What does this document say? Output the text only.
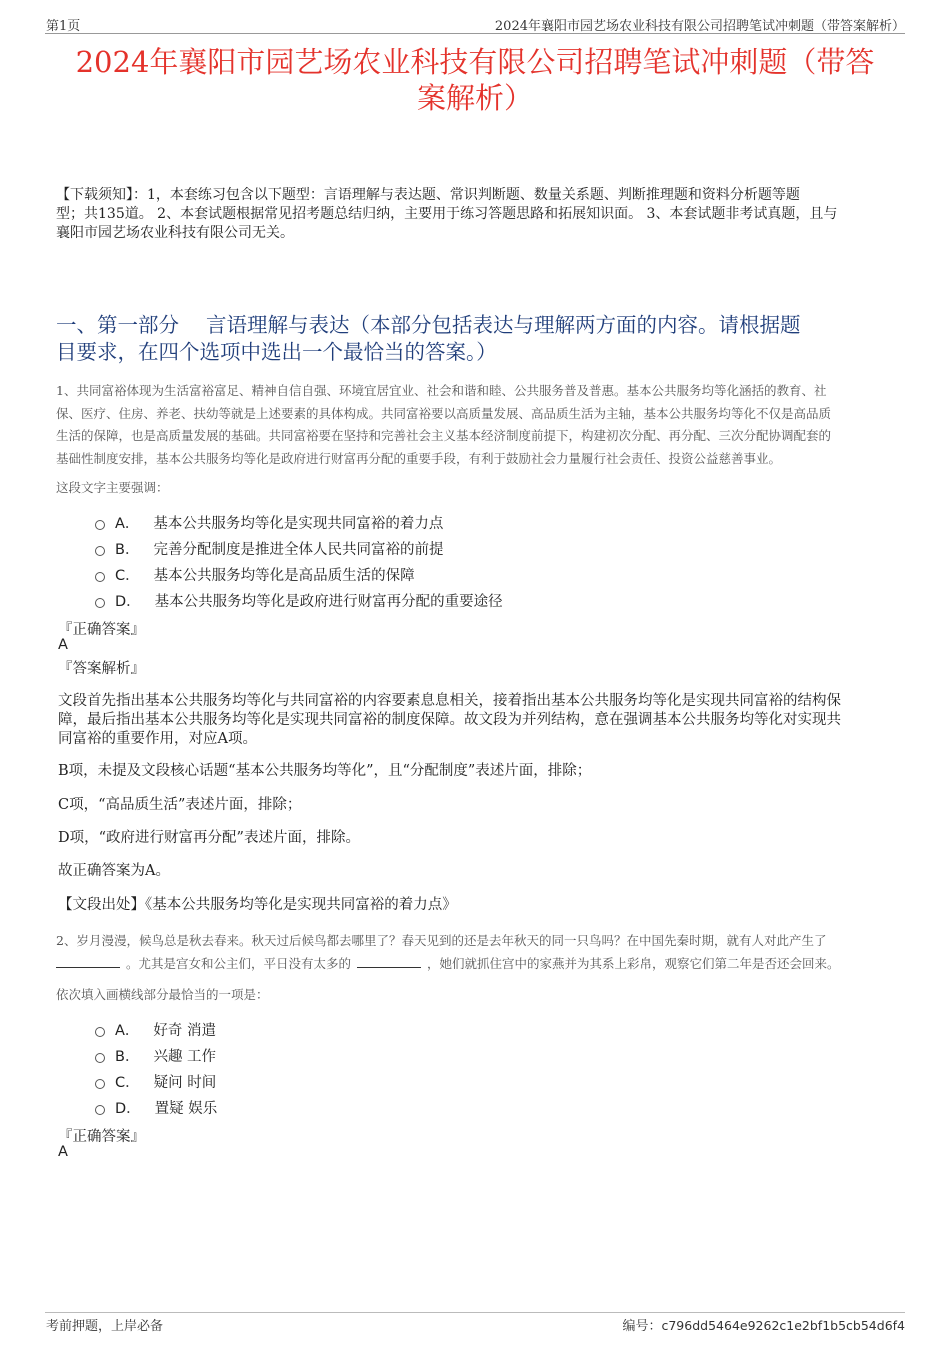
第1页	2024年襄阳市园艺场农业科技有限公司招聘笔试冲刺题（带答案解析）
2024年襄阳市园艺场农业科技有限公司招聘笔试冲刺题（带答
案解析）
【下载须知】：1，本套练习包含以下题型：言语理解与表达题、常识判断题、数量关系题、判断推理题和资料分析题等题
型；共135道。 2、本套试题根据常见招考题总结归纳，主要用于练习答题思路和拓展知识面。 3、本套试题非考试真题，且与
襄阳市园艺场农业科技有限公司无关。
一、第一部分　 言语理解与表达（本部分包括表达与理解两方面的内容。请根据题
目要求，在四个选项中选出一个最恰当的答案。）
1、共同富裕体现为生活富裕富足、精神自信自强、环境宜居宜业、社会和谐和睦、公共服务普及普惠。基本公共服务均等化涵括的教育、社
保、医疗、住房、养老、扶幼等就是上述要素的具体构成。共同富裕要以高质量发展、高品质生活为主轴，基本公共服务均等化不仅是高品质
生活的保障，也是高质量发展的基础。共同富裕要在坚持和完善社会主义基本经济制度前提下，构建初次分配、再分配、三次分配协调配套的
基础性制度安排，基本公共服务均等化是政府进行财富再分配的重要手段，有利于鼓励社会力量履行社会责任、投资公益慈善事业。
这段文字主要强调：
A． 基本公共服务均等化是实现共同富裕的着力点
B． 完善分配制度是推进全体人民共同富裕的前提
C． 基本公共服务均等化是高品质生活的保障
D． 基本公共服务均等化是政府进行财富再分配的重要途径
『正确答案』
A
『答案解析』
文段首先指出基本公共服务均等化与共同富裕的内容要素息息相关，接着指出基本公共服务均等化是实现共同富裕的结构保
障，最后指出基本公共服务均等化是实现共同富裕的制度保障。故文段为并列结构，意在强调基本公共服务均等化对实现共
同富裕的重要作用，对应A项。
B项，未提及文段核心话题“基本公共服务均等化”，且“分配制度”表述片面，排除；
C项，“高品质生活”表述片面，排除；
D项，“政府进行财富再分配”表述片面，排除。
故正确答案为A。
【文段出处】《基本公共服务均等化是实现共同富裕的着力点》
2、岁月漫漫，候鸟总是秋去春来。秋天过后候鸟都去哪里了？春天见到的还是去年秋天的同一只鸟吗？在中国先秦时期，就有人对此产生了
。尤其是宫女和公主们，平日没有太多的	，她们就抓住宫中的家燕并为其系上彩帛，观察它们第二年是否还会回来。
依次填入画横线部分最恰当的一项是：
A． 好奇 消遣
B． 兴趣 工作
C． 疑问 时间
D． 置疑 娱乐
『正确答案』
A
考前押题，上岸必备	编号：c796dd5464e9262c1e2bf1b5cb54d6f4
